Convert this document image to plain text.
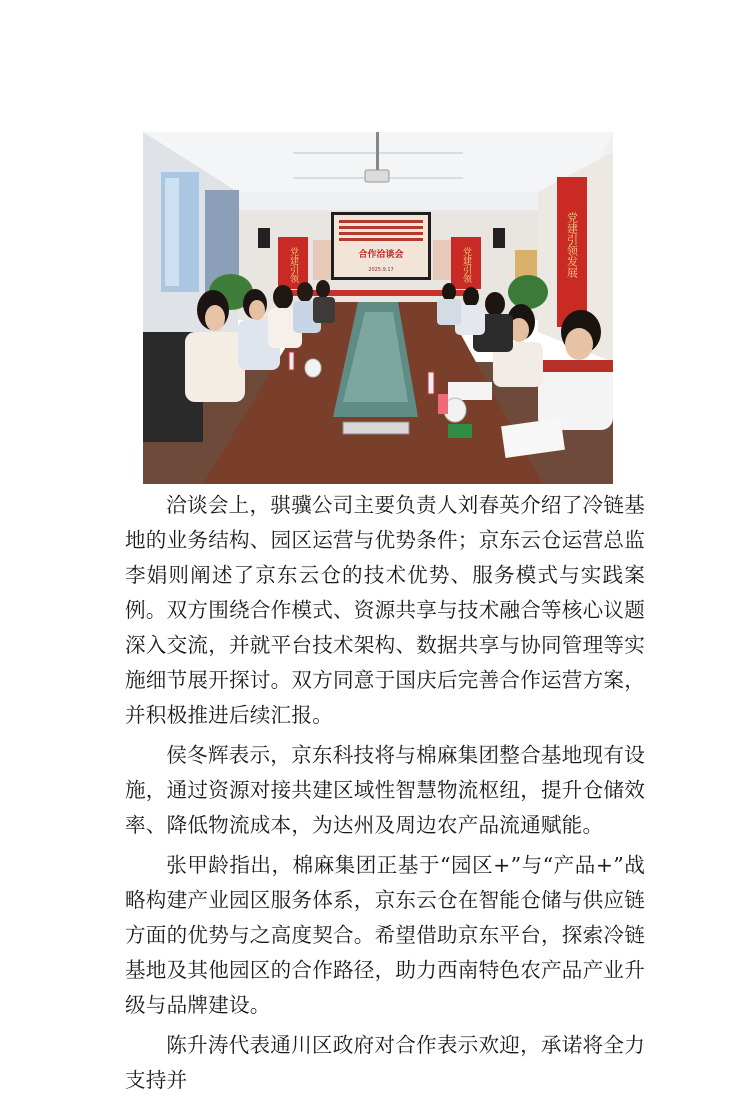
党建引领发展
党建引领	党建引领
合作洽谈会
2025.9.17

洽谈会上，骐骥公司主要负责人刘春英介绍了冷链基地的业务结构、园区运营与优势条件；京东云仓运营总监李娟则阐述了京东云仓的技术优势、服务模式与实践案例。双方围绕合作模式、资源共享与技术融合等核心议题深入交流，并就平台技术架构、数据共享与协同管理等实施细节展开探讨。双方同意于国庆后完善合作运营方案，并积极推进后续汇报。

侯冬辉表示，京东科技将与棉麻集团整合基地现有设施，通过资源对接共建区域性智慧物流枢纽，提升仓储效率、降低物流成本，为达州及周边农产品流通赋能。

张甲龄指出，棉麻集团正基于“园区+”与“产品+”战略构建产业园区服务体系，京东云仓在智能仓储与供应链方面的优势与之高度契合。希望借助京东平台，探索冷链基地及其他园区的合作路径，助力西南特色农产品产业升级与品牌建设。

陈升涛代表通川区政府对合作表示欢迎，承诺将全力支持并
